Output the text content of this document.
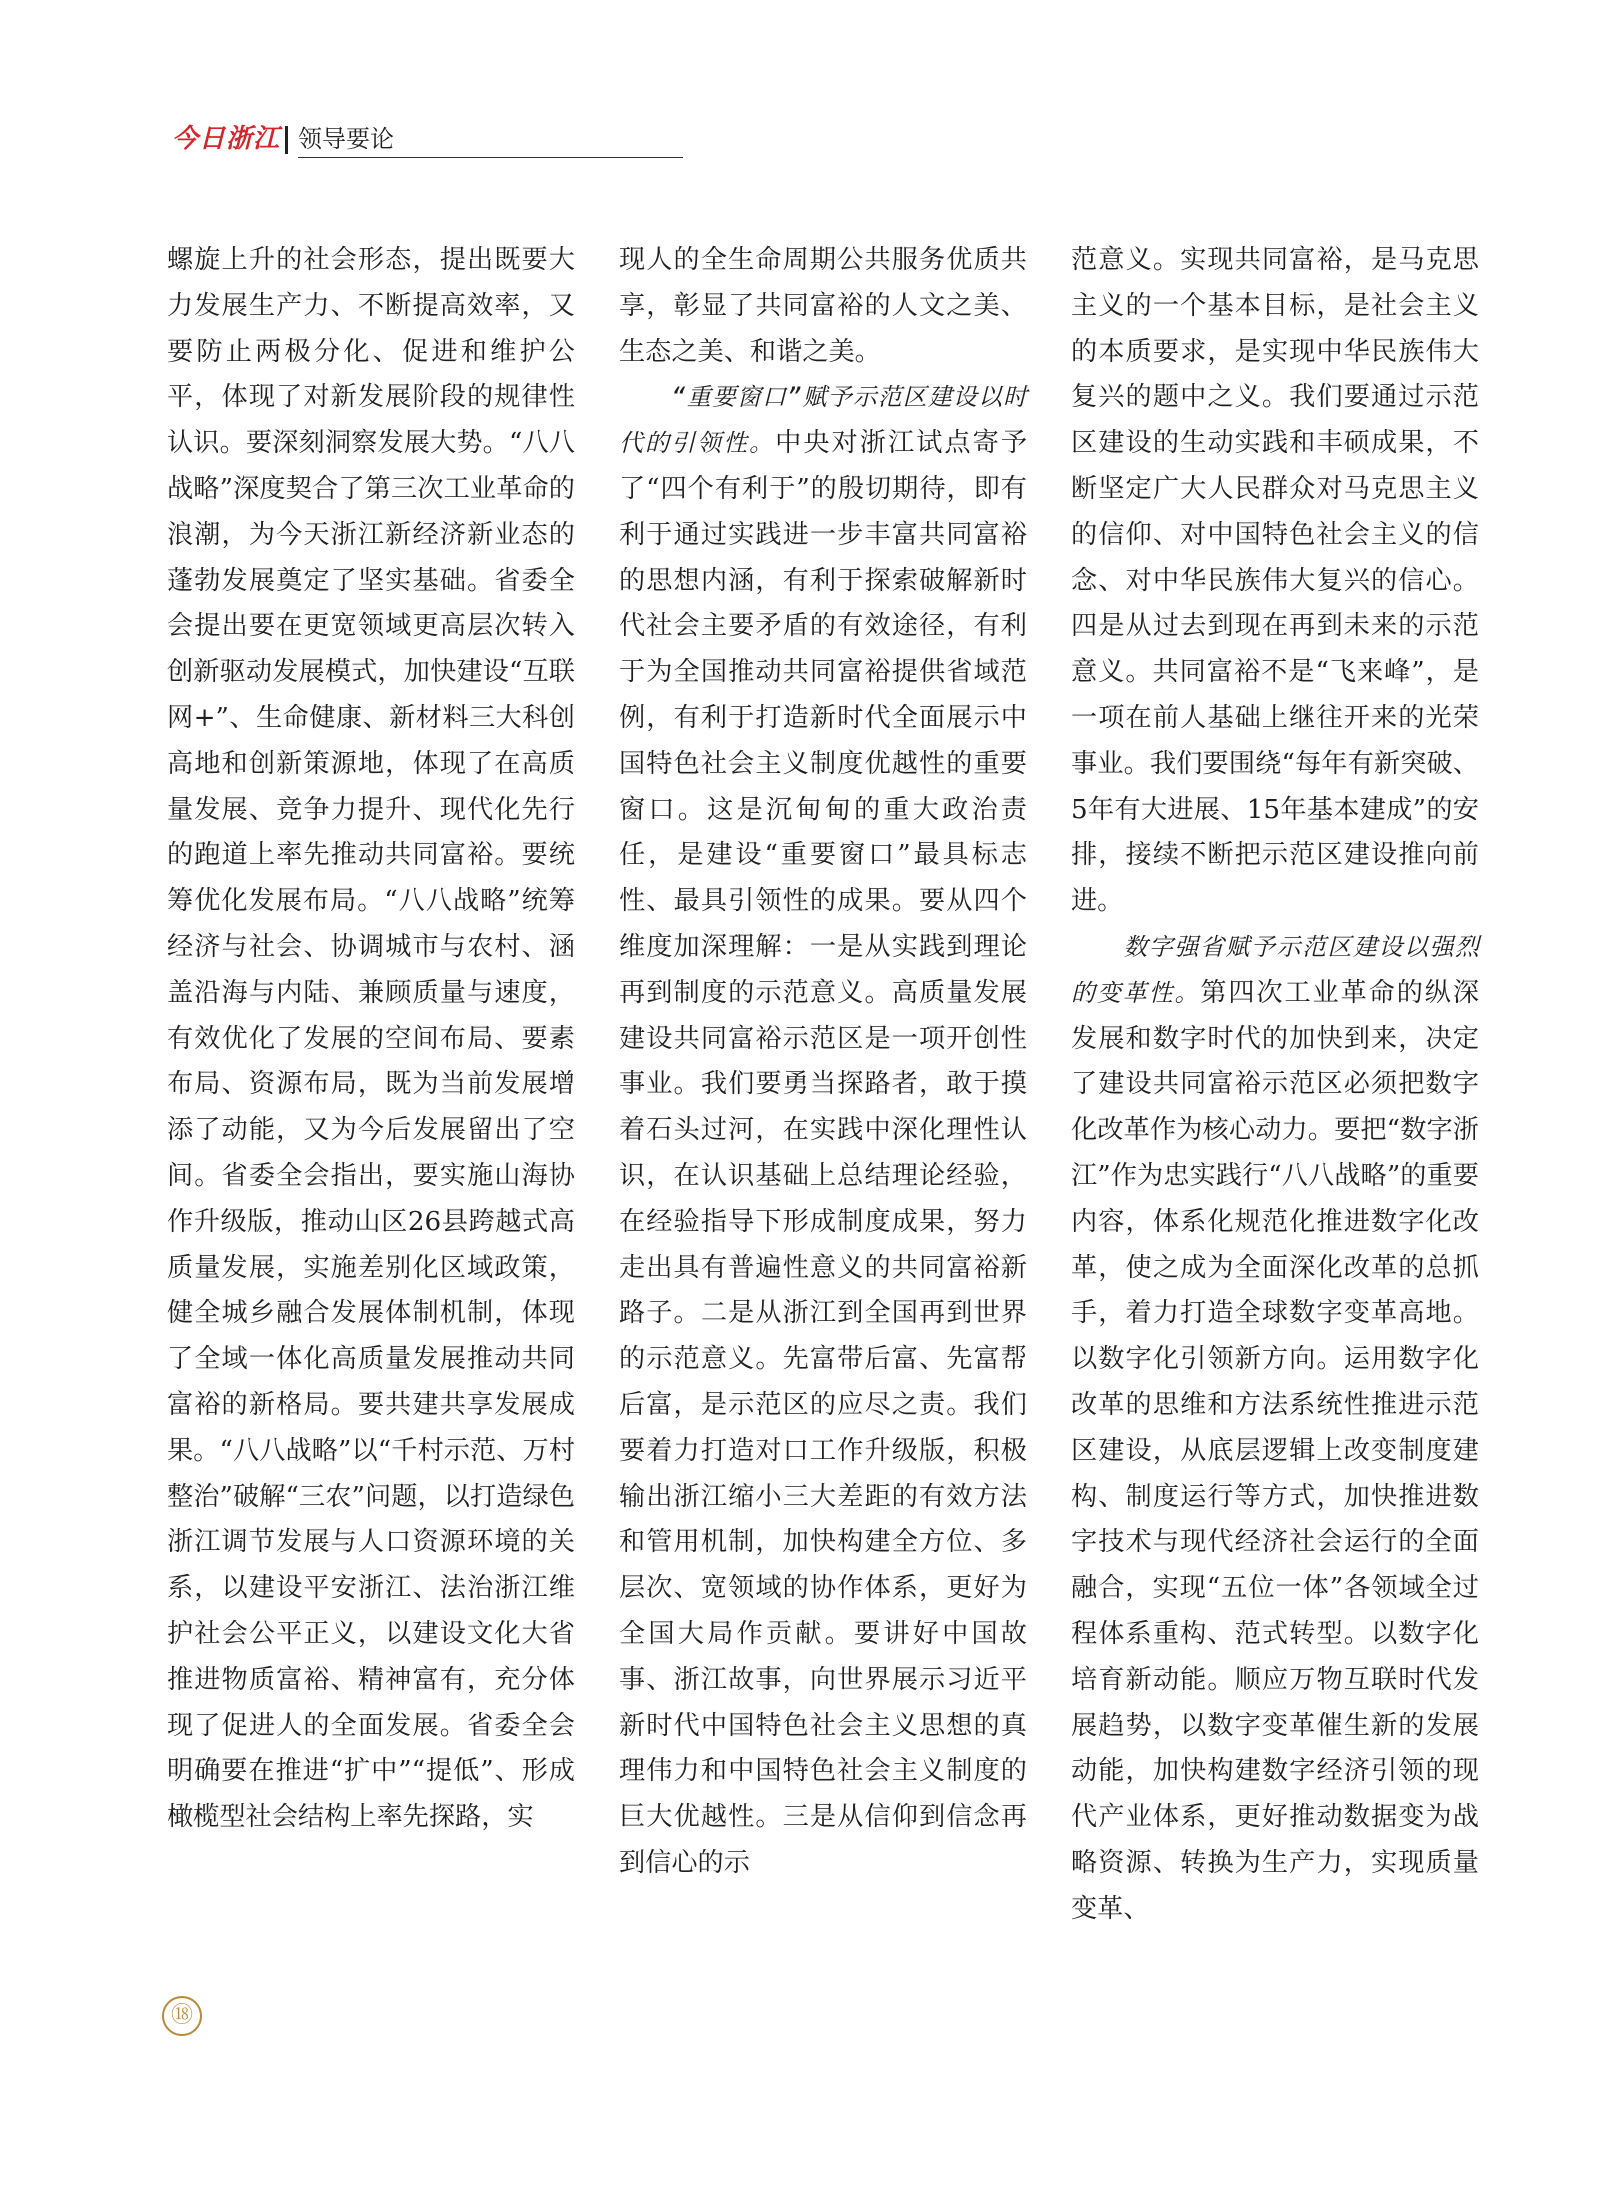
今日浙江 领导要论

螺旋上升的社会形态，提出既要大力发展生产力、不断提高效率，又要防止两极分化、促进和维护公平，体现了对新发展阶段的规律性认识。要深刻洞察发展大势。“八八战略”深度契合了第三次工业革命的浪潮，为今天浙江新经济新业态的蓬勃发展奠定了坚实基础。省委全会提出要在更宽领域更高层次转入创新驱动发展模式，加快建设“互联网+”、生命健康、新材料三大科创高地和创新策源地，体现了在高质量发展、竞争力提升、现代化先行的跑道上率先推动共同富裕。要统筹优化发展布局。“八八战略”统筹经济与社会、协调城市与农村、涵盖沿海与内陆、兼顾质量与速度，有效优化了发展的空间布局、要素布局、资源布局，既为当前发展增添了动能，又为今后发展留出了空间。省委全会指出，要实施山海协作升级版，推动山区26县跨越式高质量发展，实施差别化区域政策，健全城乡融合发展体制机制，体现了全域一体化高质量发展推动共同富裕的新格局。要共建共享发展成果。“八八战略”以“千村示范、万村整治”破解“三农”问题，以打造绿色浙江调节发展与人口资源环境的关系，以建设平安浙江、法治浙江维护社会公平正义，以建设文化大省推进物质富裕、精神富有，充分体现了促进人的全面发展。省委全会明确要在推进“扩中”“提低”、形成橄榄型社会结构上率先探路，实

现人的全生命周期公共服务优质共享，彰显了共同富裕的人文之美、生态之美、和谐之美。

“重要窗口”赋予示范区建设以时代的引领性。中央对浙江试点寄予了“四个有利于”的殷切期待，即有利于通过实践进一步丰富共同富裕的思想内涵，有利于探索破解新时代社会主要矛盾的有效途径，有利于为全国推动共同富裕提供省域范例，有利于打造新时代全面展示中国特色社会主义制度优越性的重要窗口。这是沉甸甸的重大政治责任，是建设“重要窗口”最具标志性、最具引领性的成果。要从四个维度加深理解：一是从实践到理论再到制度的示范意义。高质量发展建设共同富裕示范区是一项开创性事业。我们要勇当探路者，敢于摸着石头过河，在实践中深化理性认识，在认识基础上总结理论经验，在经验指导下形成制度成果，努力走出具有普遍性意义的共同富裕新路子。二是从浙江到全国再到世界的示范意义。先富带后富、先富帮后富，是示范区的应尽之责。我们要着力打造对口工作升级版，积极输出浙江缩小三大差距的有效方法和管用机制，加快构建全方位、多层次、宽领域的协作体系，更好为全国大局作贡献。要讲好中国故事、浙江故事，向世界展示习近平新时代中国特色社会主义思想的真理伟力和中国特色社会主义制度的巨大优越性。三是从信仰到信念再到信心的示

范意义。实现共同富裕，是马克思主义的一个基本目标，是社会主义的本质要求，是实现中华民族伟大复兴的题中之义。我们要通过示范区建设的生动实践和丰硕成果，不断坚定广大人民群众对马克思主义的信仰、对中国特色社会主义的信念、对中华民族伟大复兴的信心。四是从过去到现在再到未来的示范意义。共同富裕不是“飞来峰”，是一项在前人基础上继往开来的光荣事业。我们要围绕“每年有新突破、5年有大进展、15年基本建成”的安排，接续不断把示范区建设推向前进。

数字强省赋予示范区建设以强烈的变革性。第四次工业革命的纵深发展和数字时代的加快到来，决定了建设共同富裕示范区必须把数字化改革作为核心动力。要把“数字浙江”作为忠实践行“八八战略”的重要内容，体系化规范化推进数字化改革，使之成为全面深化改革的总抓手，着力打造全球数字变革高地。以数字化引领新方向。运用数字化改革的思维和方法系统性推进示范区建设，从底层逻辑上改变制度建构、制度运行等方式，加快推进数字技术与现代经济社会运行的全面融合，实现“五位一体”各领域全过程体系重构、范式转型。以数字化培育新动能。顺应万物互联时代发展趋势，以数字变革催生新的发展动能，加快构建数字经济引领的现代产业体系，更好推动数据变为战略资源、转换为生产力，实现质量变革、

⑱
